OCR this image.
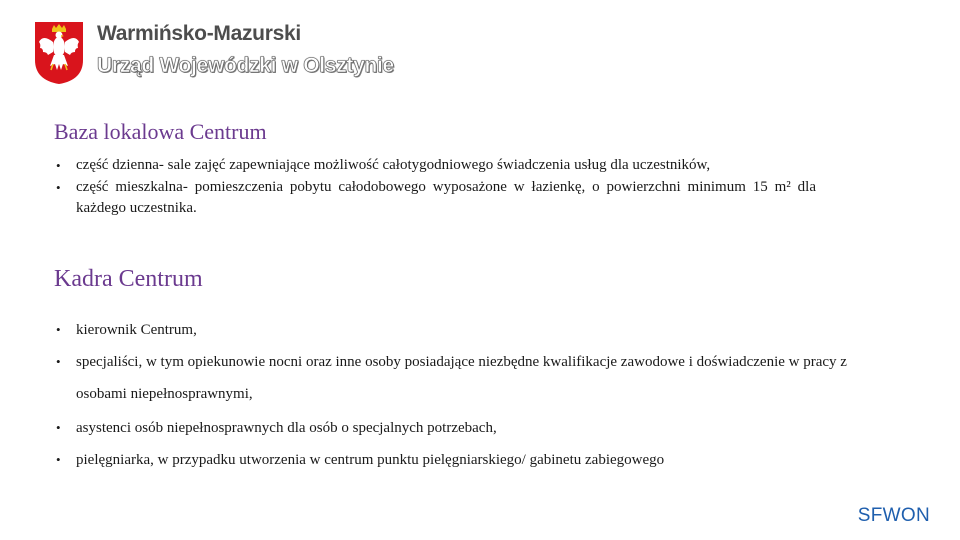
Warmińsko-Mazurski
Urząd Wojewódzki w Olsztynie
Baza lokalowa Centrum
• część dzienna- sale zajęć zapewniające możliwość całotygodniowego świadczenia usług dla uczestników,
• część mieszkalna- pomieszczenia pobytu całodobowego wyposażone w łazienkę, o powierzchni minimum 15 m² dla każdego uczestnika.
Kadra Centrum
• kierownik Centrum,
• specjaliści, w tym opiekunowie nocni oraz inne osoby posiadające niezbędne kwalifikacje zawodowe i doświadczenie w pracy z osobami niepełnosprawnymi,
• asystenci osób niepełnosprawnych dla osób o specjalnych potrzebach,
• pielęgniarka, w przypadku utworzenia w centrum punktu pielęgniarskiego/ gabinetu zabiegowego
SFWON
